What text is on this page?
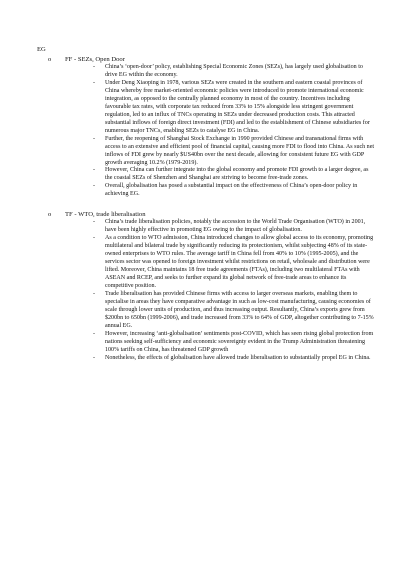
EG
o	FF - SEZs, Open Door
-	China’s ‘open-door’ policy, establishing Special Economic Zones (SEZs), has largely used globalisation to drive EG within the economy.
-	Under Deng Xiaoping in 1978, various SEZs were created in the southern and eastern coastal provinces of China whereby free market-oriented economic policies were introduced to promote international economic integration, as opposed to the centrally planned economy in most of the country. Incentives including favourable tax rates, with corporate tax reduced from 33% to 15% alongside less stringent government regulation, led to an influx of TNCs operating in SEZs under decreased production costs. This attracted substantial inflows of foreign direct investment (FDI) and led to the establishment of Chinese subsidiaries for numerous major TNCs, enabling SEZs to catalyse EG in China.
-	Further, the reopening of Shanghai Stock Exchange in 1990 provided Chinese and transnational firms with access to an extensive and efficient pool of financial capital, causing more FDI to flood into China. As such net inflows of FDI grew by nearly $US40bn over the next decade, allowing for consistent future EG with GDP growth averaging 10.2% (1979-2019).
-	However, China can further integrate into the global economy and promote FDI growth to a larger degree, as the coastal SEZs of Shenzhen and Shanghai are striving to become free-trade zones.
-	Overall, globalisation has posed a substantial impact on the effectiveness of China’s open-door policy in achieving EG.
o	TF - WTO, trade liberalisation
-	China’s trade liberalisation policies, notably the accession to the World Trade Organisation (WTO) in 2001, have been highly effective in promoting EG owing to the impact of globalisation.
-	As a condition to WTO admission, China introduced changes to allow global access to its economy, promoting multilateral and bilateral trade by significantly reducing its protectionism, whilst subjecting 48% of its state-owned enterprises to WTO rules. The average tariff in China fell from 40% to 10% (1995-2005), and the services sector was opened to foreign investment whilst restrictions on retail, wholesale and distribution were lifted. Moreover, China maintains 18 free trade agreements (FTAs), including two multilateral FTAs with ASEAN and RCEP, and seeks to further expand its global network of free-trade areas to enhance its competitive position.
-	Trade liberalisation has provided Chinese firms with access to larger overseas markets, enabling them to specialise in areas they have comparative advantage in such as low-cost manufacturing, causing economies of scale through lower units of production, and thus increasing output. Resultantly, China’s exports grew from $200bn to 650bn (1999-2006), and trade increased from 33% to 64% of GDP, altogether contributing to 7-15% annual EG.
-	However, increasing ‘anti-globalisation’ sentiments post-COVID, which has seen rising global protection from nations seeking self-sufficiency and economic sovereignty evident in the Trump Administration threatening 100% tariffs on China, has threatened GDP growth
-	Nonetheless, the effects of globalisation have allowed trade liberalisation to substantially propel EG in China.
